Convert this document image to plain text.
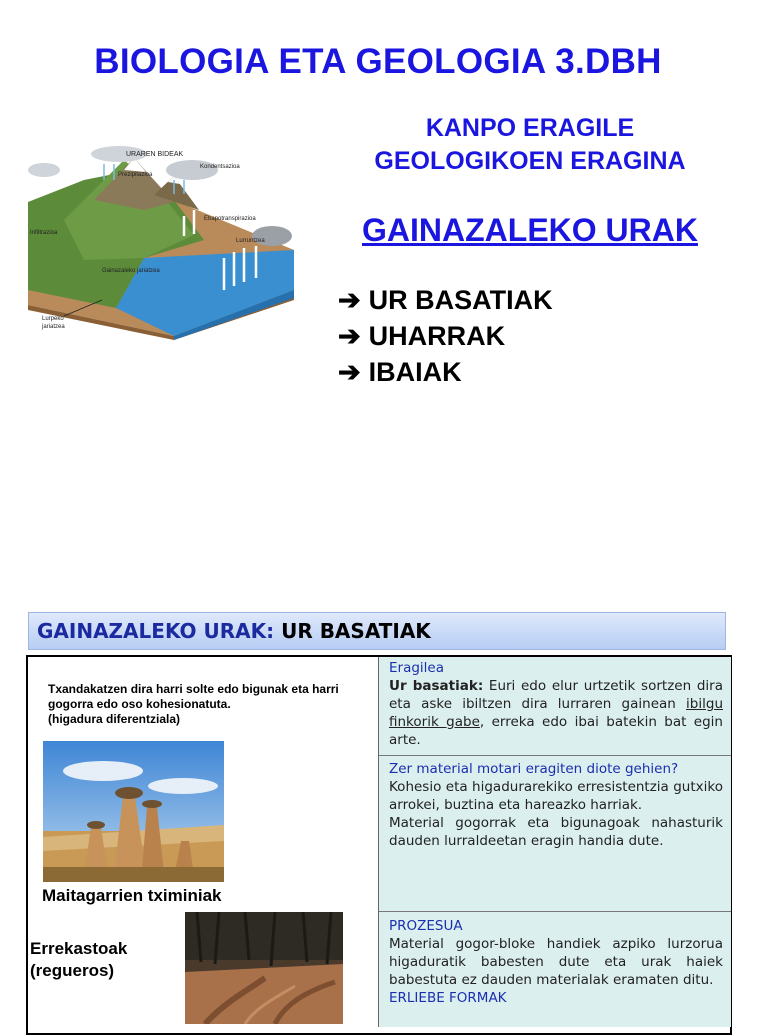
BIOLOGIA ETA GEOLOGIA 3.DBH
KANPO ERAGILE
GEOLOGIKOEN ERAGINA
GAINAZALEKO URAK
➔ UR BASATIAK
➔ UHARRAK
➔ IBAIAK
URAREN BIDEAK
Kondentsazioa
Prezipitazioa
Ebapotranspirazioa
Infiltrazioa
Lurruntzea
Gainazaleko jariatzea
Lurpeko
jariatzea
GAINAZALEKO URAK: UR BASATIAK
Txandakatzen dira harri solte edo bigunak eta harri
gogorra edo oso kohesionatuta.
(higadura diferentziala)
Maitagarrien tximiniak
Errekastoak
(regueros)
Eragilea
Ur basatiak: Euri edo elur urtzetik sortzen dira eta aske ibiltzen dira lurraren gainean ibilgu finkorik gabe, erreka edo ibai batekin bat egin arte.
Zer material motari eragiten diote gehien?
Kohesio eta higadurarekiko erresistentzia gutxiko arrokei, buztina eta hareazko harriak.
Material gogorrak eta bigunagoak nahasturik dauden lurraldeetan eragin handia dute.
PROZESUA
Material gogor-bloke handiek azpiko lurzorua higaduratik babesten dute eta urak haiek babestuta ez dauden materialak eramaten ditu.
ERLIEBE FORMAK
